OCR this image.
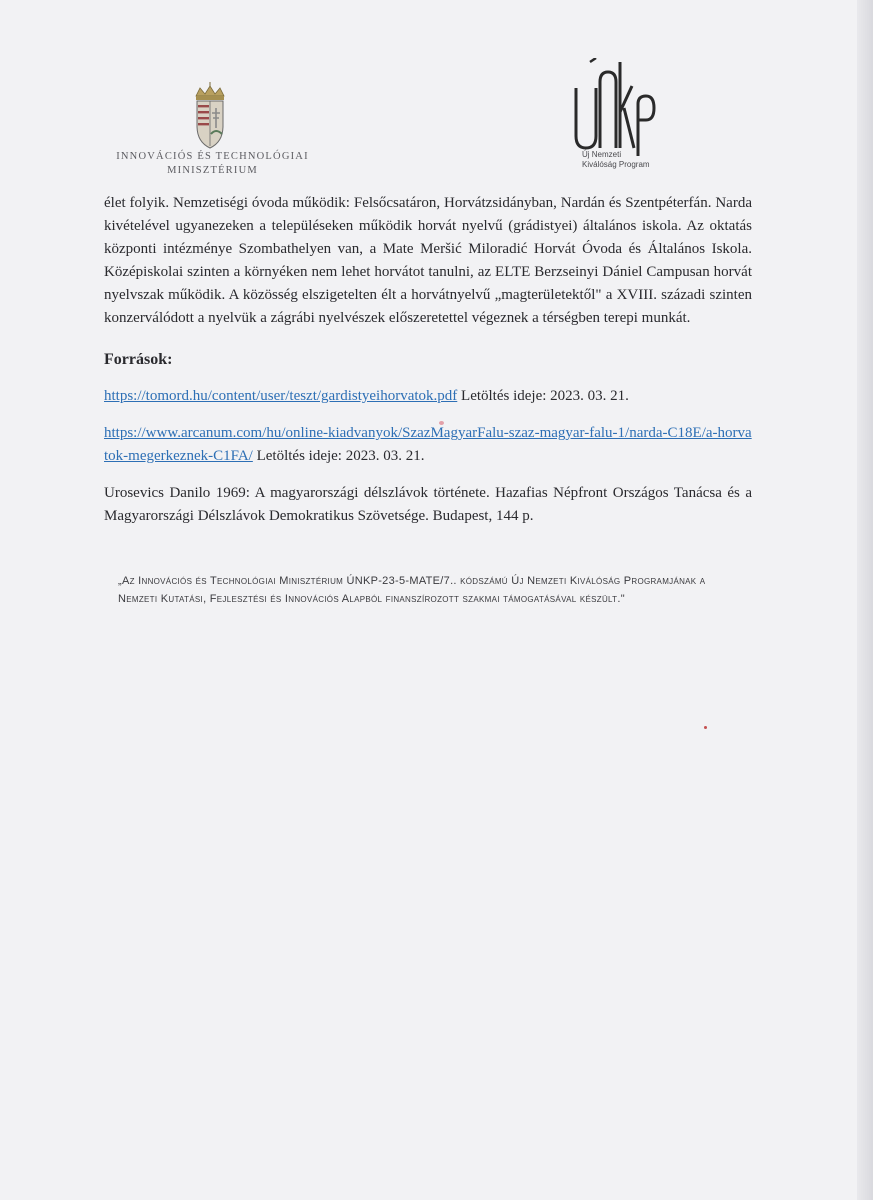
INNOVÁCIÓS ÉS TECHNOLÓGIAI MINISZTÉRIUM
Új Nemzeti
Kiválóság Program

élet folyik. Nemzetiségi óvoda működik: Felsőcsatáron, Horvátzsidányban, Nardán és Szentpéterfán. Narda kivételével ugyanezeken a településeken működik horvát nyelvű (grádistyei) általános iskola. Az oktatás központi intézménye Szombathelyen van, a Mate Meršić Miloradić Horvát Óvoda és Általános Iskola. Középiskolai szinten a környéken nem lehet horvátot tanulni, az ELTE Berzseinyi Dániel Campusan horvát nyelvszak működik. A közösség elszigetelten élt a horvátnyelvű „magterületektől" a XVIII. századi szinten konzerválódott a nyelvük a zágrábi nyelvészek előszeretettel végeznek a térségben terepi munkát.

Források:

https://tomord.hu/content/user/teszt/gardistyeihorvatok.pdf Letöltés ideje: 2023. 03. 21.

https://www.arcanum.com/hu/online-kiadvanyok/SzazMagyarFalu-szaz-magyar-falu-1/narda-C18E/a-horvatok-megerkeznek-C1FA/ Letöltés ideje: 2023. 03. 21.

Urosevics Danilo 1969: A magyarországi délszlávok története. Hazafias Népfront Országos Tanácsa és a Magyarországi Délszlávok Demokratikus Szövetsége. Budapest, 144 p.

„Az Innovációs és Technológiai Minisztérium ÚNKP-23-5-MATE/7.. kódszámú Új Nemzeti Kiválóság Programjának a Nemzeti Kutatási, Fejlesztési és Innovációs Alapból finanszírozott szakmai támogatásával készült."
